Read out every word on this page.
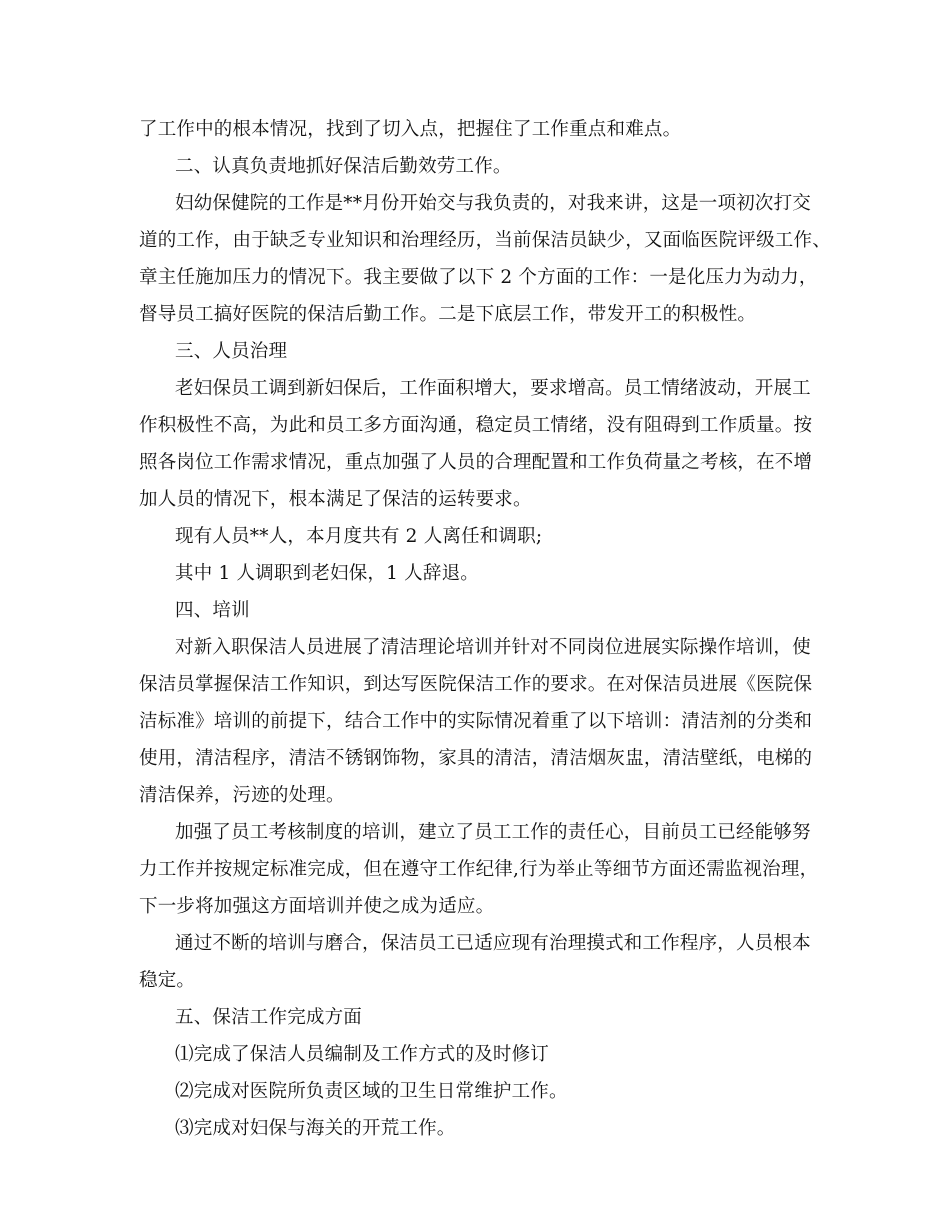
了工作中的根本情况，找到了切入点，把握住了工作重点和难点。
二、认真负责地抓好保洁后勤效劳工作。
妇幼保健院的工作是**月份开始交与我负责的，对我来讲，这是一项初次打交
道的工作，由于缺乏专业知识和治理经历，当前保洁员缺少，又面临医院评级工作、
章主任施加压力的情况下。我主要做了以下 2 个方面的工作：一是化压力为动力，
督导员工搞好医院的保洁后勤工作。二是下底层工作，带发开工的积极性。
三、人员治理
老妇保员工调到新妇保后，工作面积增大，要求增高。员工情绪波动，开展工
作积极性不高，为此和员工多方面沟通，稳定员工情绪，没有阻碍到工作质量。按
照各岗位工作需求情况，重点加强了人员的合理配置和工作负荷量之考核，在不增
加人员的情况下，根本满足了保洁的运转要求。
现有人员**人，本月度共有 2 人离任和调职;
其中 1 人调职到老妇保，1 人辞退。
四、培训
对新入职保洁人员进展了清洁理论培训并针对不同岗位进展实际操作培训，使
保洁员掌握保洁工作知识，到达写医院保洁工作的要求。在对保洁员进展《医院保
洁标准》培训的前提下，结合工作中的实际情况着重了以下培训：清洁剂的分类和
使用，清洁程序，清洁不锈钢饰物，家具的清洁，清洁烟灰盅，清洁壁纸，电梯的
清洁保养，污迹的处理。
加强了员工考核制度的培训，建立了员工工作的责任心，目前员工已经能够努
力工作并按规定标准完成，但在遵守工作纪律,行为举止等细节方面还需监视治理，
下一步将加强这方面培训并使之成为适应。
通过不断的培训与磨合，保洁员工已适应现有治理摸式和工作程序，人员根本
稳定。
五、保洁工作完成方面
⑴完成了保洁人员编制及工作方式的及时修订
⑵完成对医院所负责区域的卫生日常维护工作。
⑶完成对妇保与海关的开荒工作。
